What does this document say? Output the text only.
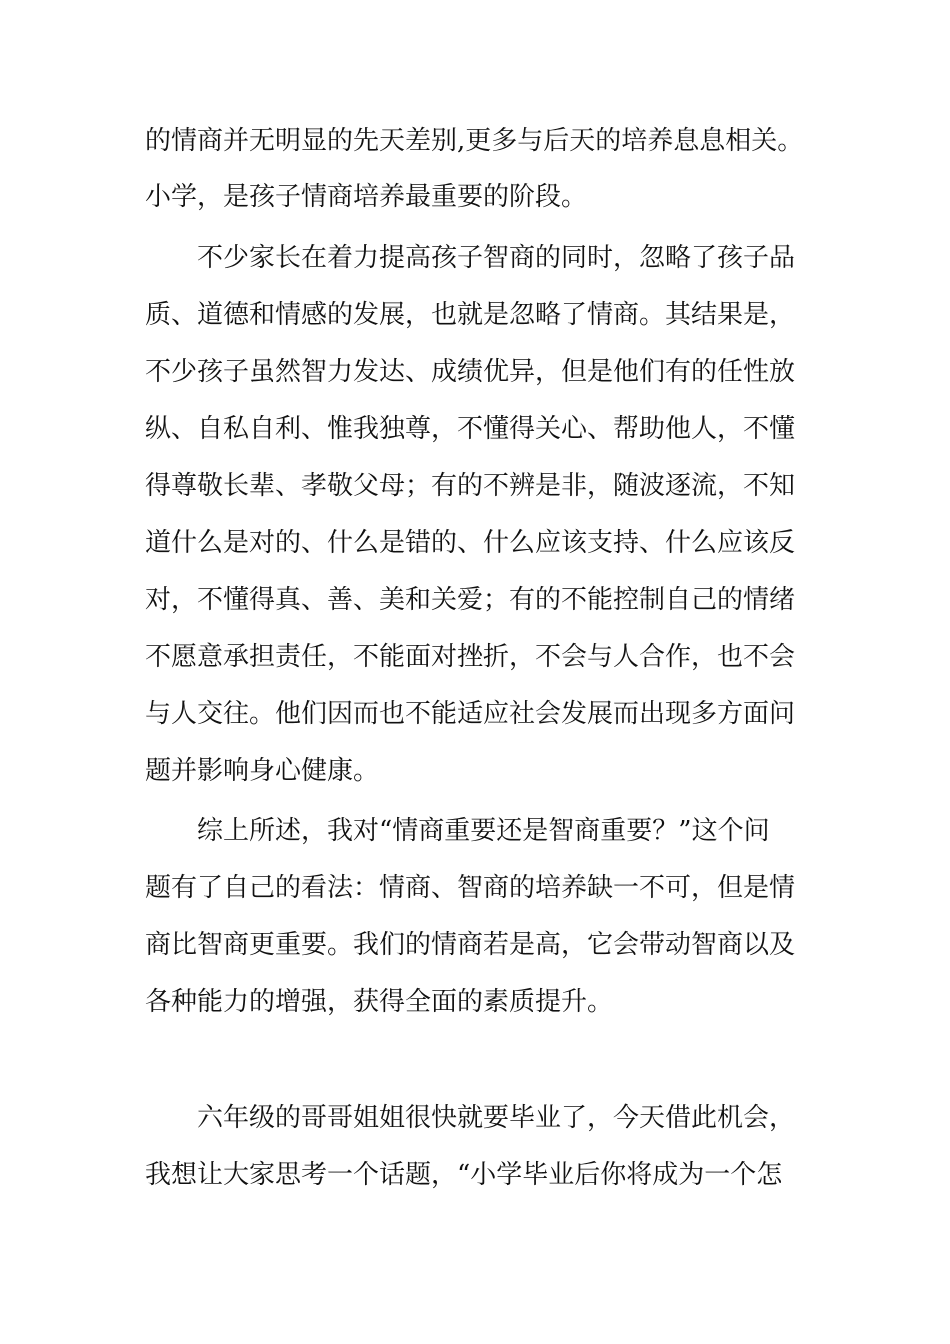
的情商并无明显的先天差别,更多与后天的培养息息相关。

小学，是孩子情商培养最重要的阶段。

不少家长在着力提高孩子智商的同时，忽略了孩子品

质、道德和情感的发展，也就是忽略了情商。其结果是，

不少孩子虽然智力发达、成绩优异，但是他们有的任性放

纵、自私自利、惟我独尊，不懂得关心、帮助他人，不懂

得尊敬长辈、孝敬父母；有的不辨是非，随波逐流，不知

道什么是对的、什么是错的、什么应该支持、什么应该反

对，不懂得真、善、美和关爱；有的不能控制自己的情绪

不愿意承担责任，不能面对挫折，不会与人合作，也不会

与人交往。他们因而也不能适应社会发展而出现多方面问

题并影响身心健康。

综上所述，我对“情商重要还是智商重要？”这个问

题有了自己的看法：情商、智商的培养缺一不可，但是情

商比智商更重要。我们的情商若是高，它会带动智商以及

各种能力的增强，获得全面的素质提升。

六年级的哥哥姐姐很快就要毕业了，今天借此机会，

我想让大家思考一个话题，“小学毕业后你将成为一个怎
